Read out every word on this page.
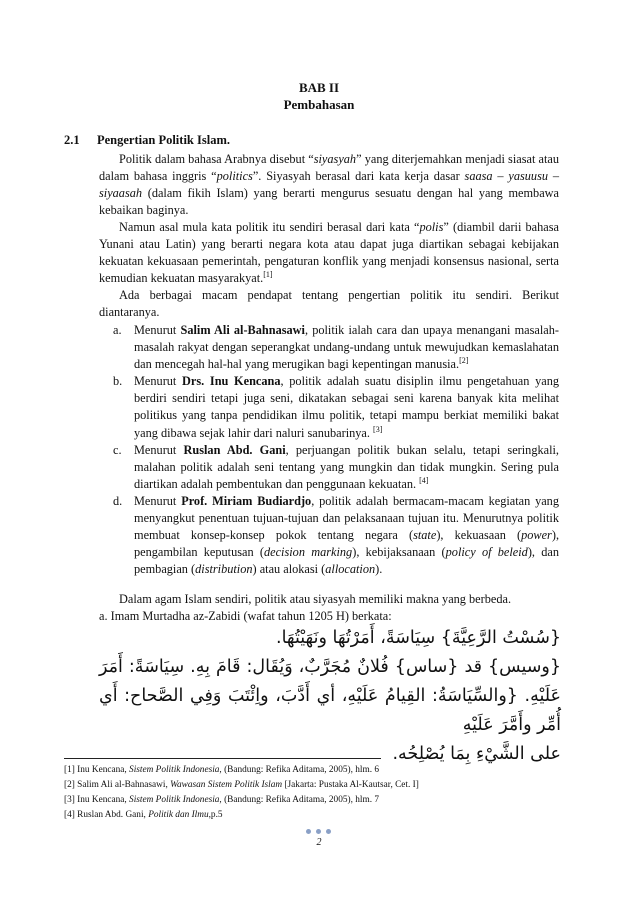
BAB II
Pembahasan
2.1 Pengertian Politik Islam.

Politik dalam bahasa Arabnya disebut “siyasyah” yang diterjemahkan menjadi siasat atau dalam bahasa inggris “politics”. Siyasyah berasal dari kata kerja dasar saasa – yasuusu – siyaasah (dalam fikih Islam) yang berarti mengurus sesuatu dengan hal yang membawa kebaikan baginya.

Namun asal mula kata politik itu sendiri berasal dari kata “polis” (diambil darii bahasa Yunani atau Latin) yang berarti negara kota atau dapat juga diartikan sebagai kebijakan kekuatan kekuasaan pemerintah, pengaturan konflik yang menjadi konsensus nasional, serta kemudian kekuatan masyarakyat.[1]

Ada berbagai macam pendapat tentang pengertian politik itu sendiri. Berikut diantaranya.

a. Menurut Salim Ali al-Bahnasawi, politik ialah cara dan upaya menangani masalah-masalah rakyat dengan seperangkat undang-undang untuk mewujudkan kemaslahatan dan mencegah hal-hal yang merugikan bagi kepentingan manusia.[2]
b. Menurut Drs. Inu Kencana, politik adalah suatu disiplin ilmu pengetahuan yang berdiri sendiri tetapi juga seni, dikatakan sebagai seni karena banyak kita melihat politikus yang tanpa pendidikan ilmu politik, tetapi mampu berkiat memiliki bakat yang dibawa sejak lahir dari naluri sanubarinya. [3]
c. Menurut Ruslan Abd. Gani, perjuangan politik bukan selalu, tetapi seringkali, malahan politik adalah seni tentang yang mungkin dan tidak mungkin. Sering pula diartikan adalah pembentukan dan penggunaan kekuatan. [4]
d. Menurut Prof. Miriam Budiardjo, politik adalah bermacam-macam kegiatan yang menyangkut penentuan tujuan-tujuan dan pelaksanaan tujuan itu. Menurutnya politik membuat konsep-konsep pokok tentang negara (state), kekuasaan (power), pengambilan keputusan (decision marking), kebijaksanaan (policy of beleid), dan pembagian (distribution) atau alokasi (allocation).

Dalam agam Islam sendiri, politik atau siyasyah memiliki makna yang berbeda.

a. Imam Murtadha az-Zabidi (wafat tahun 1205 H) berkata:
{سُسْتُ الرَّعِيَّةَ} سِيَاسَةً، أَمَرْتُهَا ونَهَيْتُهَا.
{وسيس} قد {ساس} فُلانٌ مُجَرَّبٌ، وَيُقَال: قَامَ بِهِ. سِيَاسَةً: أَمَرَ عَلَيْهِ. {والسِّيَاسَةُ: القِيامُ عَلَيْهِ، أي أَدَّبَ، واِئْتَبَ وَفِي الصَّحاح: أَي أُمِّر وأَمَّرَ عَلَيْهِ
على الشَّيْءِ بِمَا يُصْلِحُه.
[1] Inu Kencana, Sistem Politik Indonesia, (Bandung: Refika Aditama, 2005), hlm. 6
[2] Salim Ali al-Bahnasawi, Wawasan Sistem Politik Islam [Jakarta: Pustaka Al-Kautsar, Cet. I]
[3] Inu Kencana, Sistem Politik Indonesia, (Bandung: Refika Aditama, 2005), hlm. 7
[4] Ruslan Abd. Gani, Politik dan Ilmu,p.5
2
